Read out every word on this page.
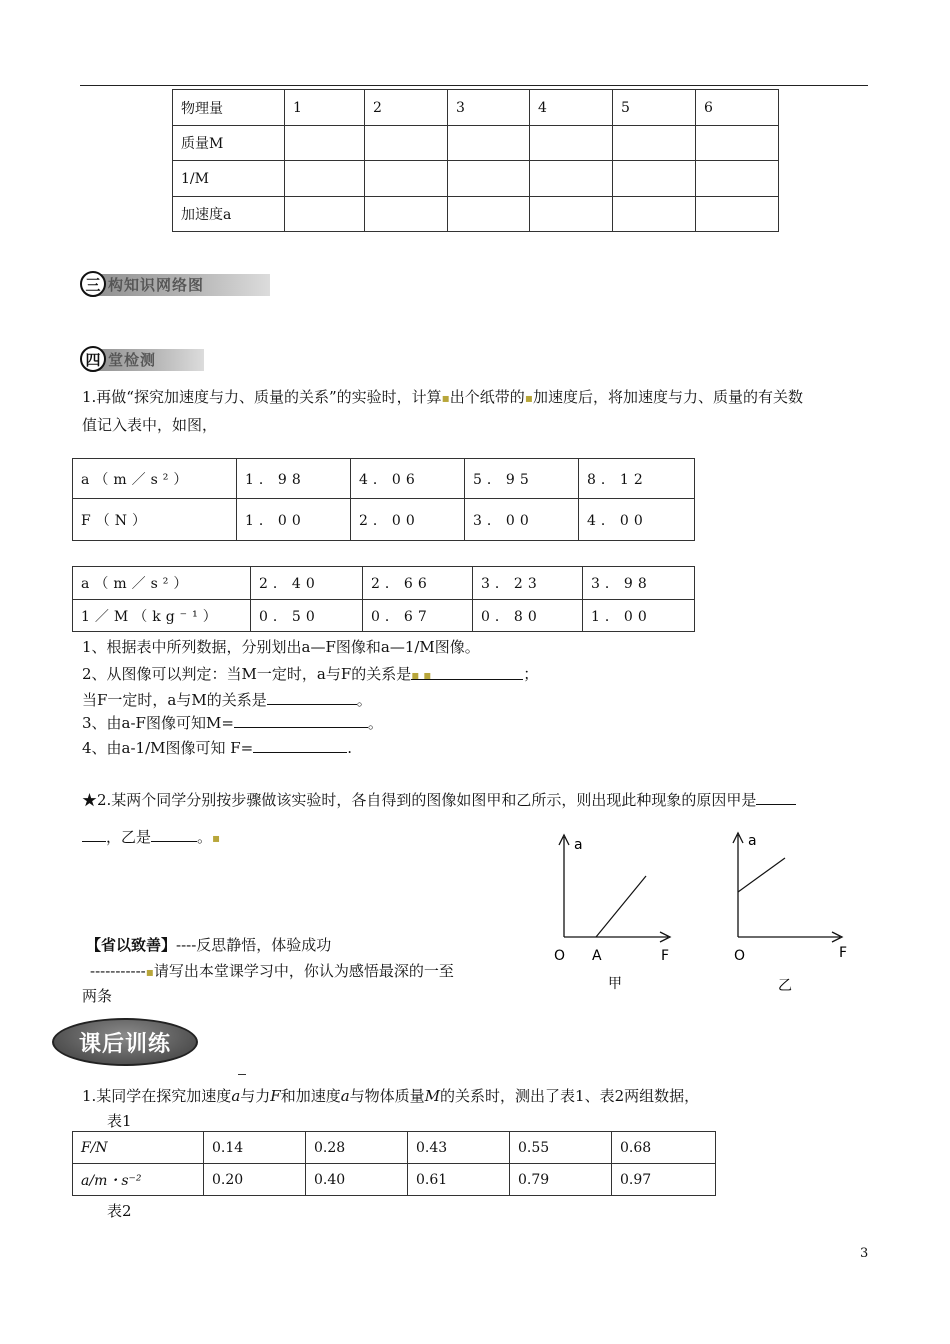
物理量	1	2	3	4	5	6
质量M						
1/M						
加速度a						
三 构知识网络图
四 堂检测
1.再做“探究加速度与力、质量的关系”的实验时，计算▪出个纸带的▪加速度后，将加速度与力、质量的有关数
值记入表中，如图，
a（m／s²）	1．98	4．06	5．95	8．12
F（N）	1．00	2．00	3．00	4．00
a（m／s²）	2．40	2．66	3．23	3．98
1／M（kg⁻¹）	0．50	0．67	0．80	1．00
1、根据表中所列数据，分别划出a—F图像和a—1/M图像。
2、从图像可以判定：当M一定时，a与F的关系是▪ ▪	；
当F一定时，a与M的关系是	。
3、由a-F图像可知M=	。
4、由a-1/M图像可知 F=	.
★2.某两个同学分别按步骤做该实验时，各自得到的图像如图甲和乙所示，则出现此种现象的原因甲是
，乙是	。▪	a
F
O A
甲
a
F
O
乙
【省以致善】----反思静悟，体验成功
-----------▪请写出本堂课学习中，你认为感悟最深的一至
两条
课后训练
1.某同学在探究加速度a与力F和加速度a与物体质量M的关系时，测出了表1、表2两组数据，
表1
F/N	0.14	0.28	0.43	0.55	0.68
a/m・s⁻²	0.20	0.40	0.61	0.79	0.97
表2
3
